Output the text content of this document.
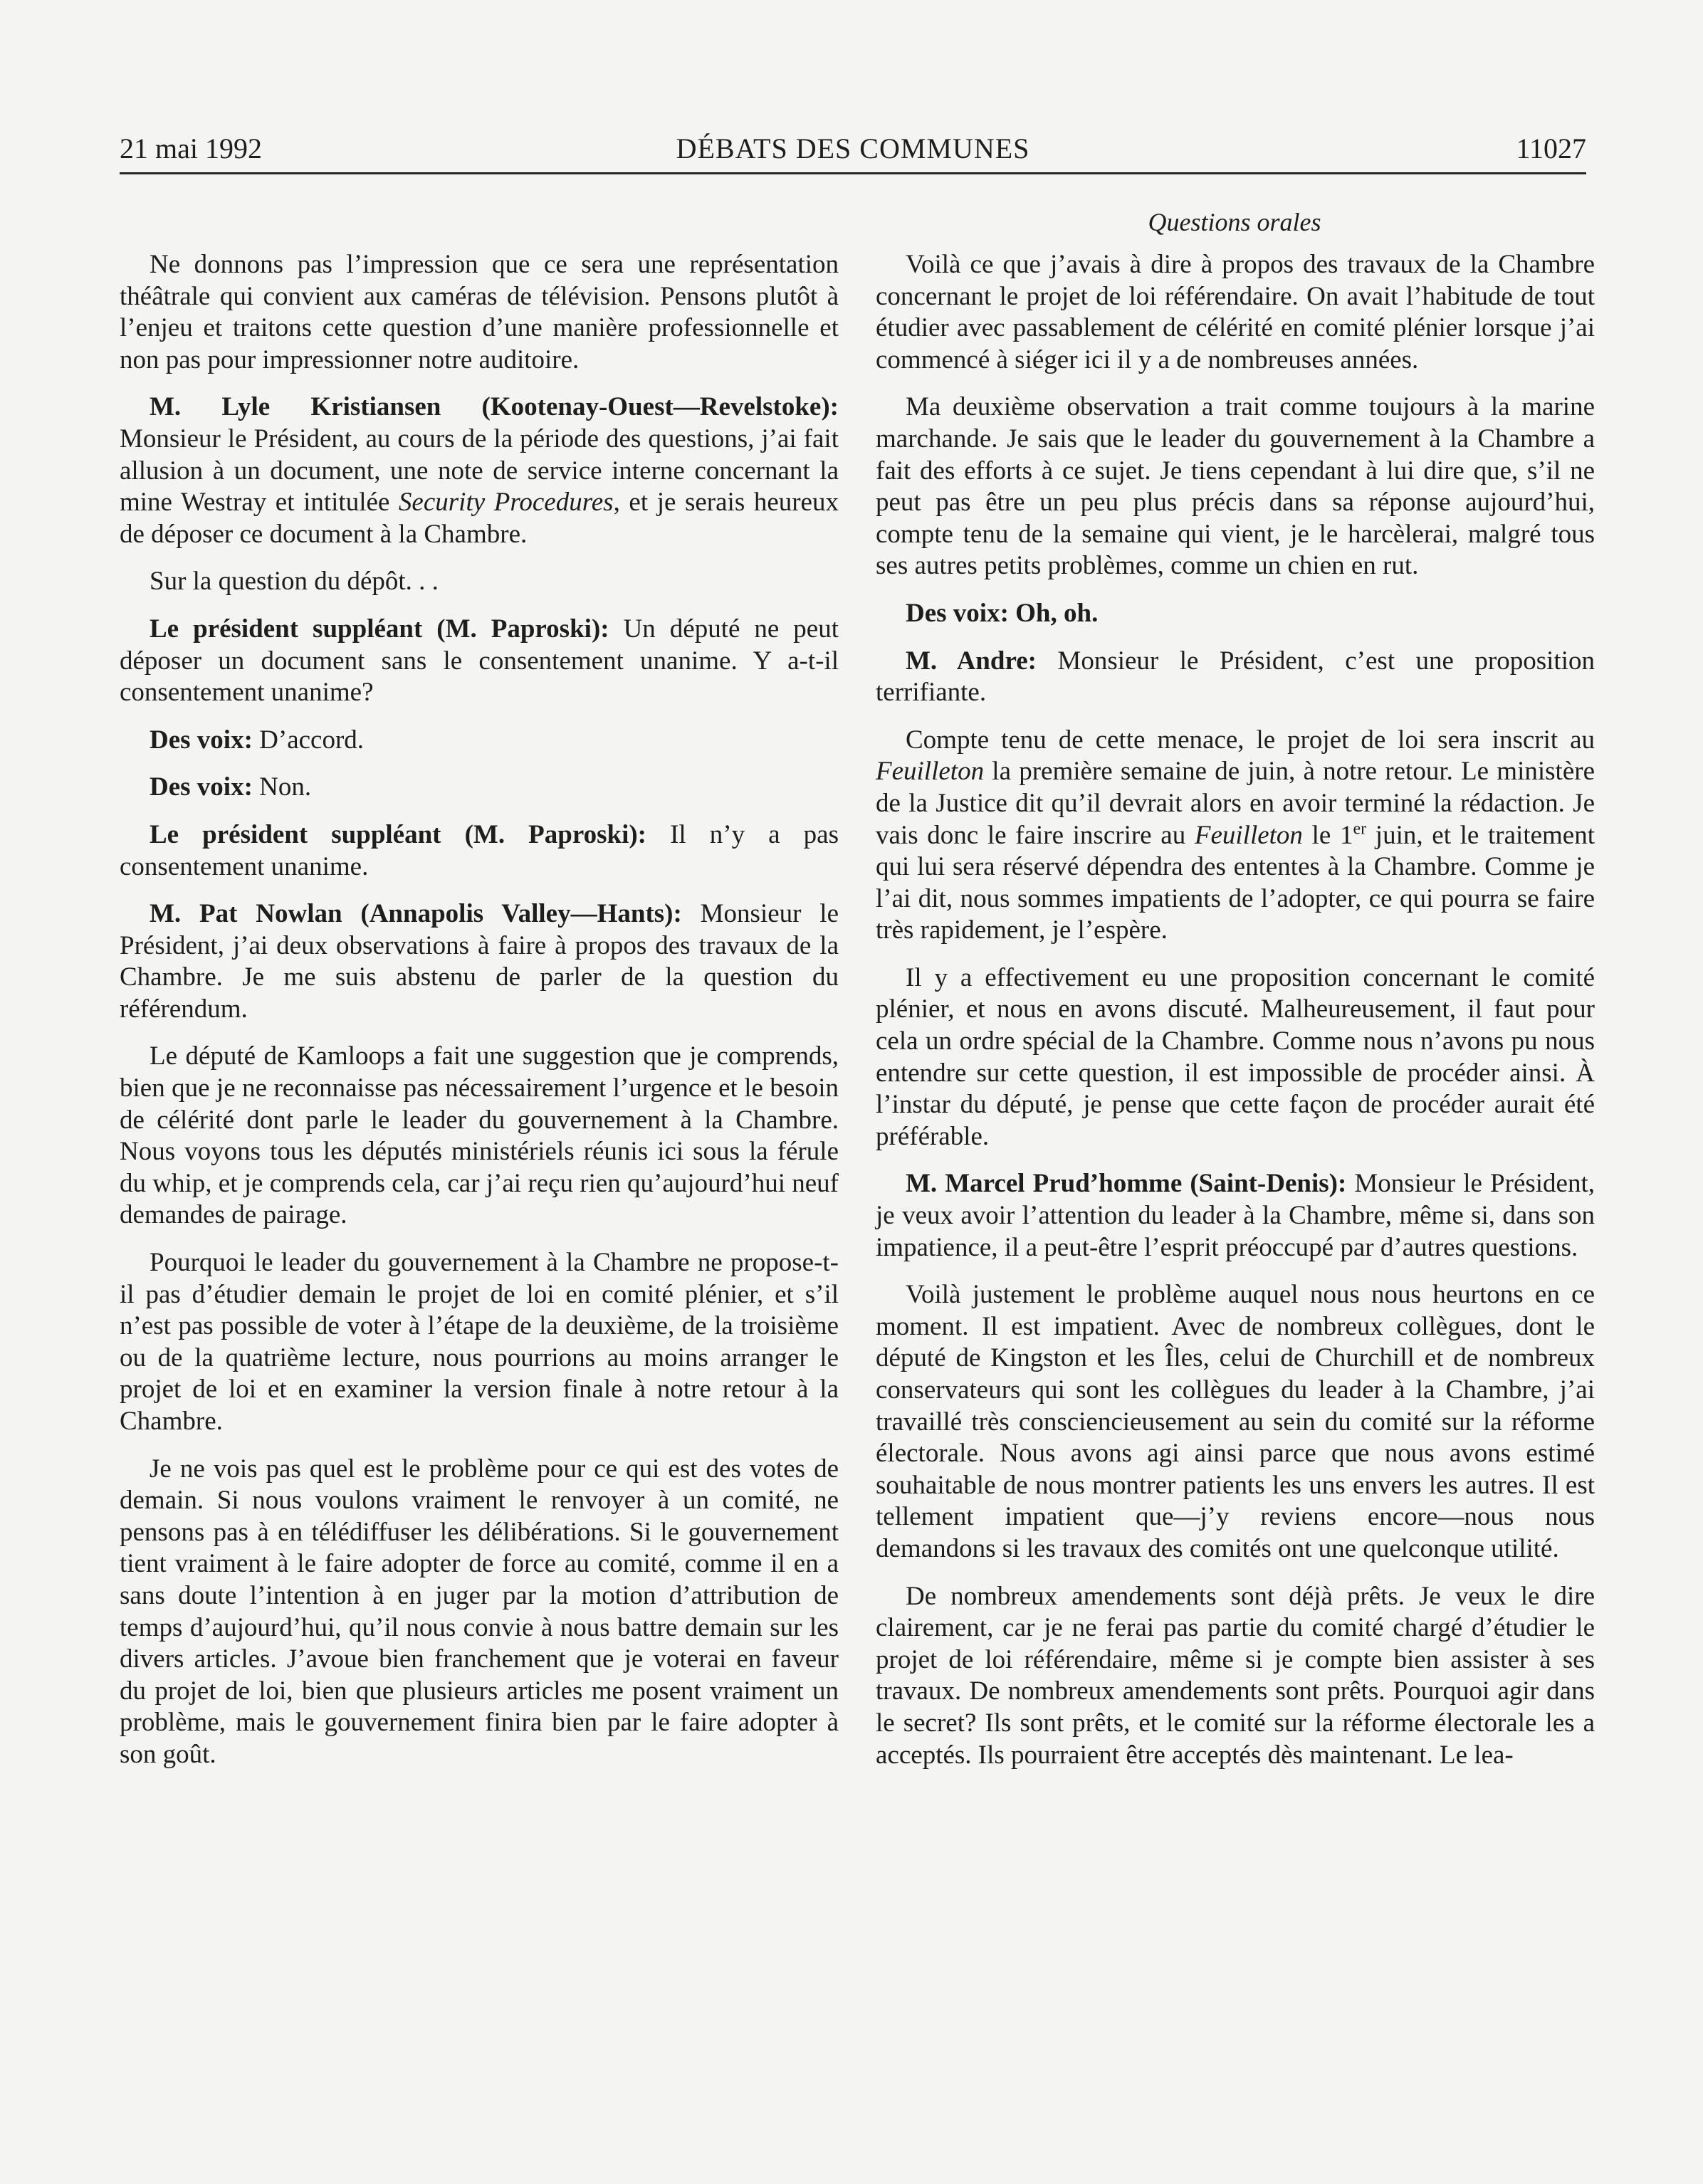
21 mai 1992	DÉBATS DES COMMUNES	11027
Questions orales

Ne donnons pas l’impression que ce sera une représentation théâtrale qui convient aux caméras de télévision. Pensons plutôt à l’enjeu et traitons cette question d’une manière professionnelle et non pas pour impressionner notre auditoire.

M. Lyle Kristiansen (Kootenay-Ouest—Revelstoke): Monsieur le Président, au cours de la période des questions, j’ai fait allusion à un document, une note de service interne concernant la mine Westray et intitulée Security Procedures, et je serais heureux de déposer ce document à la Chambre.

Sur la question du dépôt. . .

Le président suppléant (M. Paproski): Un député ne peut déposer un document sans le consentement unanime. Y a-t-il consentement unanime?

Des voix: D’accord.

Des voix: Non.

Le président suppléant (M. Paproski): Il n’y a pas consentement unanime.

M. Pat Nowlan (Annapolis Valley—Hants): Monsieur le Président, j’ai deux observations à faire à propos des travaux de la Chambre. Je me suis abstenu de parler de la question du référendum.

Le député de Kamloops a fait une suggestion que je comprends, bien que je ne reconnaisse pas nécessairement l’urgence et le besoin de célérité dont parle le leader du gouvernement à la Chambre. Nous voyons tous les députés ministériels réunis ici sous la férule du whip, et je comprends cela, car j’ai reçu rien qu’aujourd’hui neuf demandes de pairage.

Pourquoi le leader du gouvernement à la Chambre ne propose-t-il pas d’étudier demain le projet de loi en comité plénier, et s’il n’est pas possible de voter à l’étape de la deuxième, de la troisième ou de la quatrième lecture, nous pourrions au moins arranger le projet de loi et en examiner la version finale à notre retour à la Chambre.

Je ne vois pas quel est le problème pour ce qui est des votes de demain. Si nous voulons vraiment le renvoyer à un comité, ne pensons pas à en télédiffuser les délibérations. Si le gouvernement tient vraiment à le faire adopter de force au comité, comme il en a sans doute l’intention à en juger par la motion d’attribution de temps d’aujourd’hui, qu’il nous convie à nous battre demain sur les divers articles. J’avoue bien franchement que je voterai en faveur du projet de loi, bien que plusieurs articles me posent vraiment un problème, mais le gouvernement finira bien par le faire adopter à son goût.

Voilà ce que j’avais à dire à propos des travaux de la Chambre concernant le projet de loi référendaire. On avait l’habitude de tout étudier avec passablement de célérité en comité plénier lorsque j’ai commencé à siéger ici il y a de nombreuses années.

Ma deuxième observation a trait comme toujours à la marine marchande. Je sais que le leader du gouvernement à la Chambre a fait des efforts à ce sujet. Je tiens cependant à lui dire que, s’il ne peut pas être un peu plus précis dans sa réponse aujourd’hui, compte tenu de la semaine qui vient, je le harcèlerai, malgré tous ses autres petits problèmes, comme un chien en rut.

Des voix: Oh, oh.

M. Andre: Monsieur le Président, c’est une proposition terrifiante.

Compte tenu de cette menace, le projet de loi sera inscrit au Feuilleton la première semaine de juin, à notre retour. Le ministère de la Justice dit qu’il devrait alors en avoir terminé la rédaction. Je vais donc le faire inscrire au Feuilleton le 1er juin, et le traitement qui lui sera réservé dépendra des ententes à la Chambre. Comme je l’ai dit, nous sommes impatients de l’adopter, ce qui pourra se faire très rapidement, je l’espère.

Il y a effectivement eu une proposition concernant le comité plénier, et nous en avons discuté. Malheureusement, il faut pour cela un ordre spécial de la Chambre. Comme nous n’avons pu nous entendre sur cette question, il est impossible de procéder ainsi. À l’instar du député, je pense que cette façon de procéder aurait été préférable.

M. Marcel Prud’homme (Saint-Denis): Monsieur le Président, je veux avoir l’attention du leader à la Chambre, même si, dans son impatience, il a peut-être l’esprit préoccupé par d’autres questions.

Voilà justement le problème auquel nous nous heurtons en ce moment. Il est impatient. Avec de nombreux collègues, dont le député de Kingston et les Îles, celui de Churchill et de nombreux conservateurs qui sont les collègues du leader à la Chambre, j’ai travaillé très consciencieusement au sein du comité sur la réforme électorale. Nous avons agi ainsi parce que nous avons estimé souhaitable de nous montrer patients les uns envers les autres. Il est tellement impatient que—j’y reviens encore—nous nous demandons si les travaux des comités ont une quelconque utilité.

De nombreux amendements sont déjà prêts. Je veux le dire clairement, car je ne ferai pas partie du comité chargé d’étudier le projet de loi référendaire, même si je compte bien assister à ses travaux. De nombreux amendements sont prêts. Pourquoi agir dans le secret? Ils sont prêts, et le comité sur la réforme électorale les a acceptés. Ils pourraient être acceptés dès maintenant. Le lea-
